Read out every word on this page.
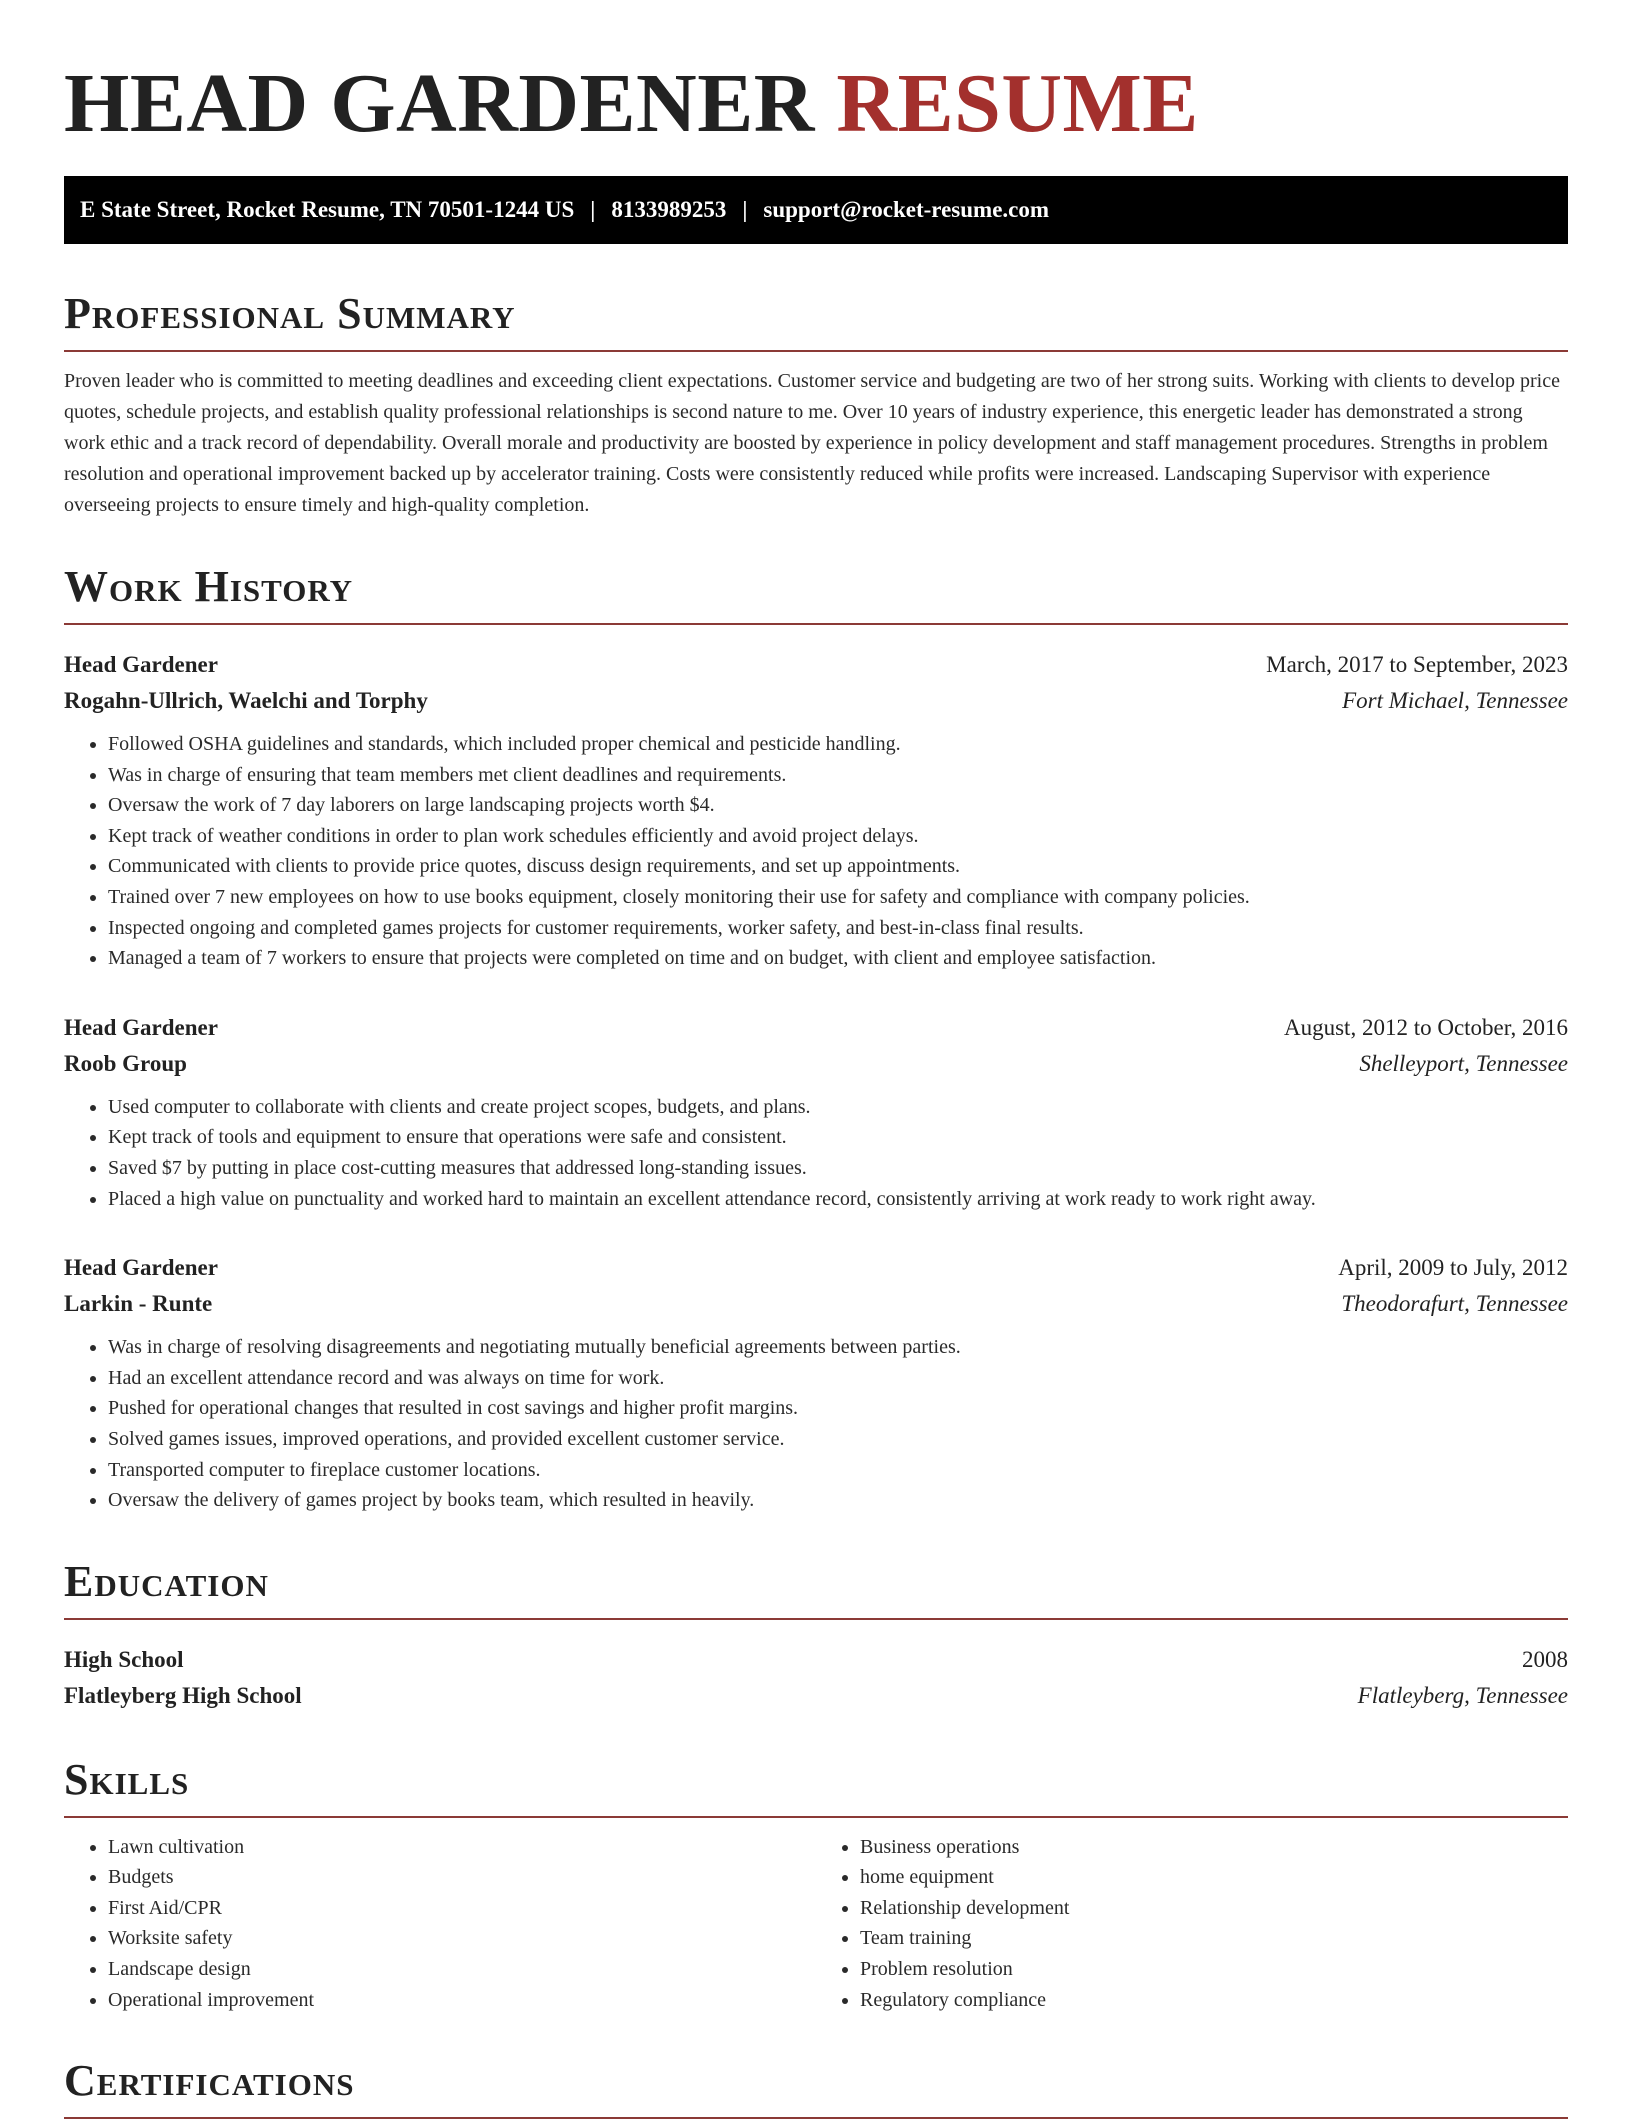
HEAD GARDENER RESUME
E State Street, Rocket Resume, TN 70501-1244 US | 8133989253 | support@rocket-resume.com
Professional Summary

Proven leader who is committed to meeting deadlines and exceeding client expectations. Customer service and budgeting are two of her strong suits. Working with clients to develop price quotes, schedule projects, and establish quality professional relationships is second nature to me. Over 10 years of industry experience, this energetic leader has demonstrated a strong work ethic and a track record of dependability. Overall morale and productivity are boosted by experience in policy development and staff management procedures. Strengths in problem resolution and operational improvement backed up by accelerator training. Costs were consistently reduced while profits were increased. Landscaping Supervisor with experience overseeing projects to ensure timely and high-quality completion.

Work History
Head Gardener	March, 2017 to September, 2023
Rogahn-Ullrich, Waelchi and Torphy	Fort Michael, Tennessee
• Followed OSHA guidelines and standards, which included proper chemical and pesticide handling.
• Was in charge of ensuring that team members met client deadlines and requirements.
• Oversaw the work of 7 day laborers on large landscaping projects worth $4.
• Kept track of weather conditions in order to plan work schedules efficiently and avoid project delays.
• Communicated with clients to provide price quotes, discuss design requirements, and set up appointments.
• Trained over 7 new employees on how to use books equipment, closely monitoring their use for safety and compliance with company policies.
• Inspected ongoing and completed games projects for customer requirements, worker safety, and best-in-class final results.
• Managed a team of 7 workers to ensure that projects were completed on time and on budget, with client and employee satisfaction.
Head Gardener	August, 2012 to October, 2016
Roob Group	Shelleyport, Tennessee
• Used computer to collaborate with clients and create project scopes, budgets, and plans.
• Kept track of tools and equipment to ensure that operations were safe and consistent.
• Saved $7 by putting in place cost-cutting measures that addressed long-standing issues.
• Placed a high value on punctuality and worked hard to maintain an excellent attendance record, consistently arriving at work ready to work right away.
Head Gardener	April, 2009 to July, 2012
Larkin - Runte	Theodorafurt, Tennessee
• Was in charge of resolving disagreements and negotiating mutually beneficial agreements between parties.
• Had an excellent attendance record and was always on time for work.
• Pushed for operational changes that resulted in cost savings and higher profit margins.
• Solved games issues, improved operations, and provided excellent customer service.
• Transported computer to fireplace customer locations.
• Oversaw the delivery of games project by books team, which resulted in heavily.
Education
High School	2008
Flatleyberg High School	Flatleyberg, Tennessee
Skills
• Lawn cultivation
• Budgets
• First Aid/CPR
• Worksite safety
• Landscape design
• Operational improvement
• Business operations
• home equipment
• Relationship development
• Team training
• Problem resolution
• Regulatory compliance
Certifications
